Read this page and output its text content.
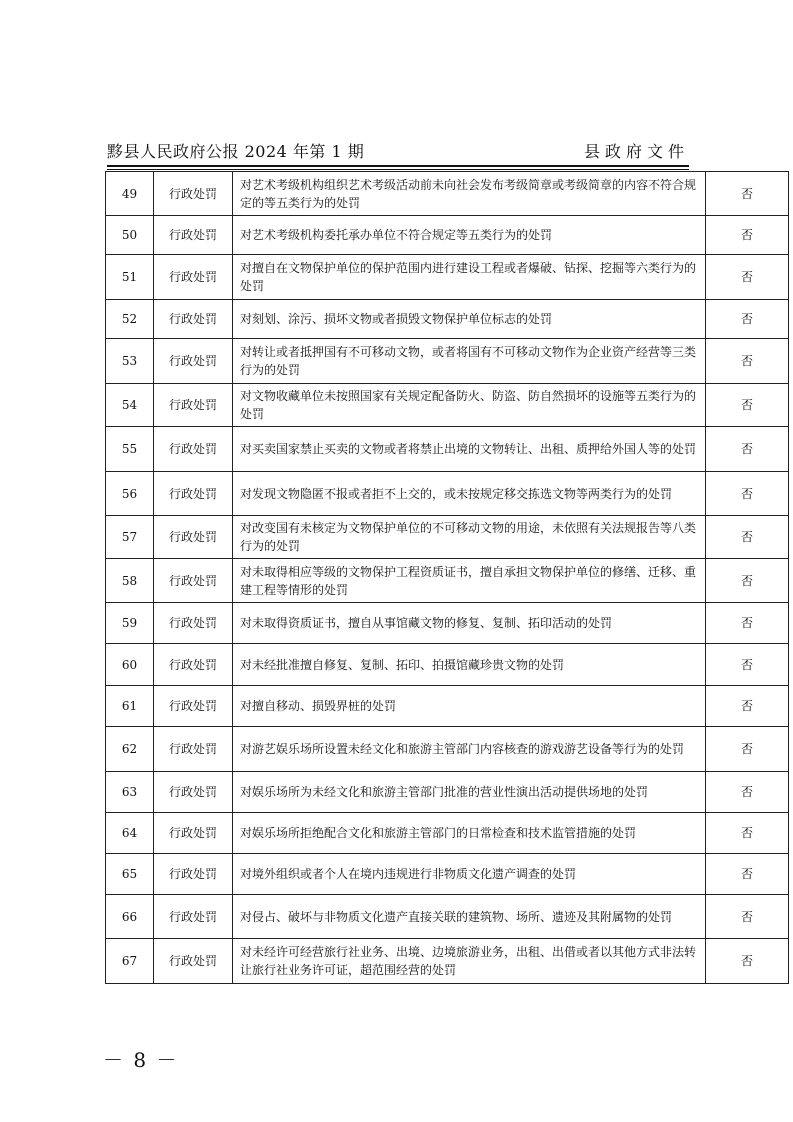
黟县人民政府公报 2024 年第 1 期	县政府文件
49	行政处罚	对艺术考级机构组织艺术考级活动前未向社会发布考级简章或考级简章的内容不符合规定的等五类行为的处罚	否
50	行政处罚	对艺术考级机构委托承办单位不符合规定等五类行为的处罚	否
51	行政处罚	对擅自在文物保护单位的保护范围内进行建设工程或者爆破、钻探、挖掘等六类行为的处罚	否
52	行政处罚	对刻划、涂污、损坏文物或者损毁文物保护单位标志的处罚	否
53	行政处罚	对转让或者抵押国有不可移动文物，或者将国有不可移动文物作为企业资产经营等三类行为的处罚	否
54	行政处罚	对文物收藏单位未按照国家有关规定配备防火、防盗、防自然损坏的设施等五类行为的处罚	否
55	行政处罚	对买卖国家禁止买卖的文物或者将禁止出境的文物转让、出租、质押给外国人等的处罚	否
56	行政处罚	对发现文物隐匿不报或者拒不上交的，或未按规定移交拣选文物等两类行为的处罚	否
57	行政处罚	对改变国有未核定为文物保护单位的不可移动文物的用途，未依照有关法规报告等八类行为的处罚	否
58	行政处罚	对未取得相应等级的文物保护工程资质证书，擅自承担文物保护单位的修缮、迁移、重建工程等情形的处罚	否
59	行政处罚	对未取得资质证书，擅自从事馆藏文物的修复、复制、拓印活动的处罚	否
60	行政处罚	对未经批准擅自修复、复制、拓印、拍摄馆藏珍贵文物的处罚	否
61	行政处罚	对擅自移动、损毁界桩的处罚	否
62	行政处罚	对游艺娱乐场所设置未经文化和旅游主管部门内容核查的游戏游艺设备等行为的处罚	否
63	行政处罚	对娱乐场所为未经文化和旅游主管部门批准的营业性演出活动提供场地的处罚	否
64	行政处罚	对娱乐场所拒绝配合文化和旅游主管部门的日常检查和技术监管措施的处罚	否
65	行政处罚	对境外组织或者个人在境内违规进行非物质文化遗产调查的处罚	否
66	行政处罚	对侵占、破坏与非物质文化遗产直接关联的建筑物、场所、遗迹及其附属物的处罚	否
67	行政处罚	对未经许可经营旅行社业务、出境、边境旅游业务，出租、出借或者以其他方式非法转让旅行社业务许可证，超范围经营的处罚	否
－ 8 －
